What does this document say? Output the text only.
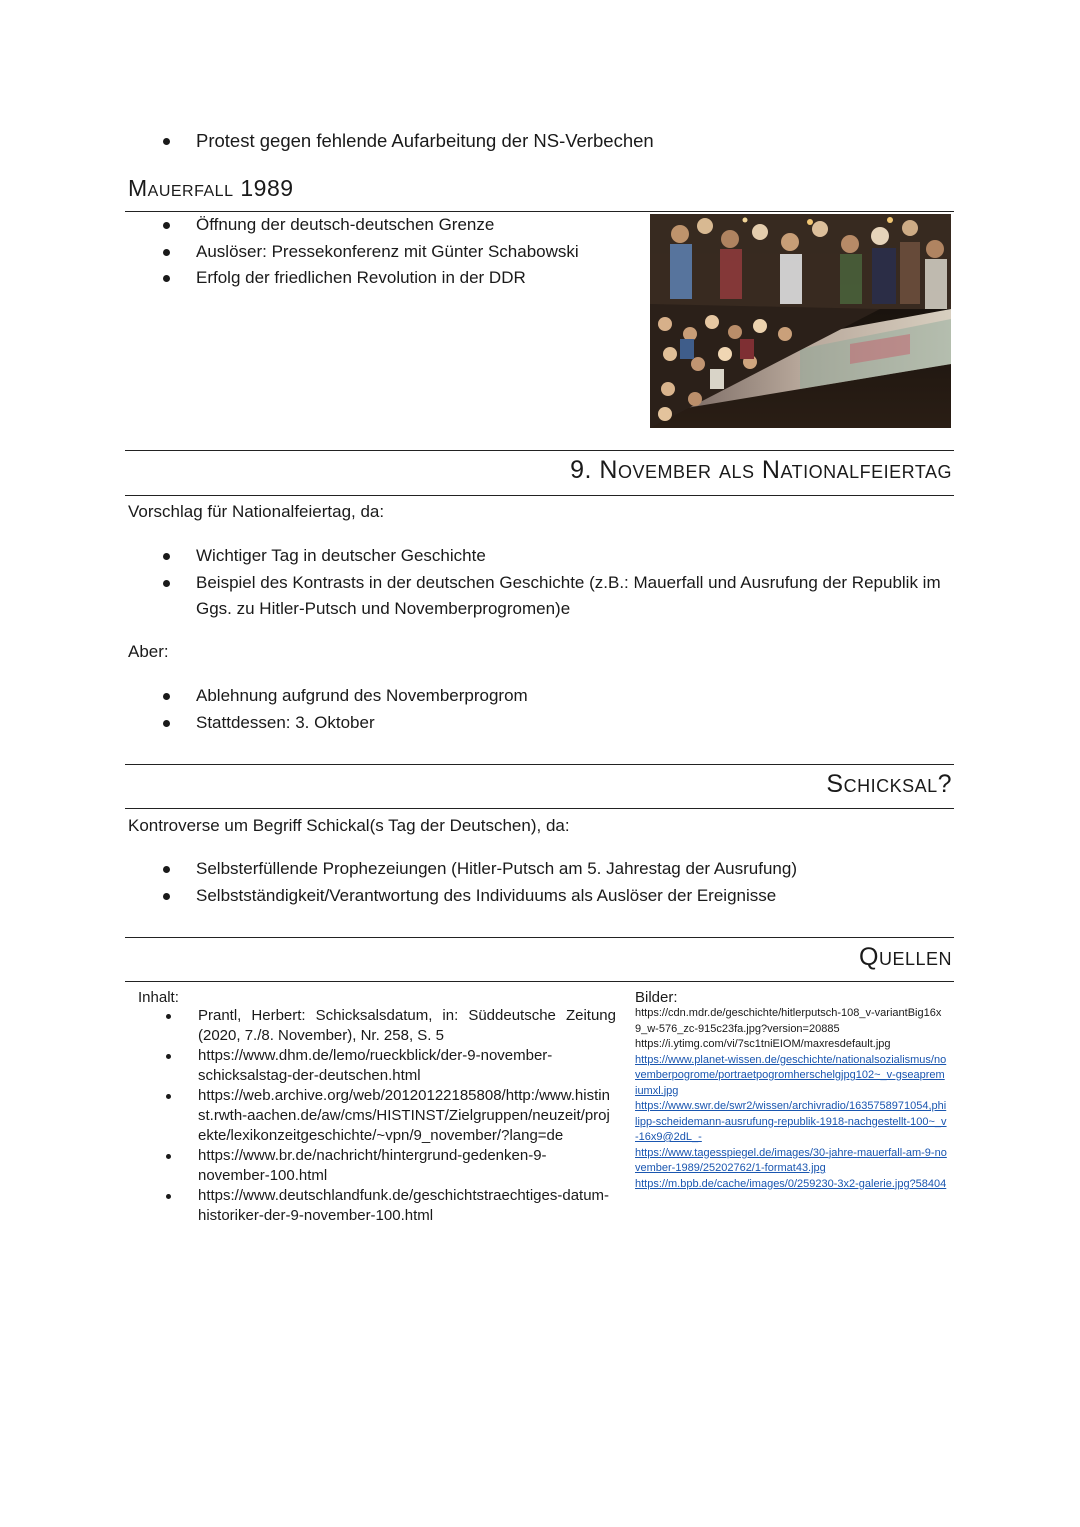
Protest gegen fehlende Aufarbeitung der NS-Verbechen
Mauerfall 1989
Öffnung der deutsch-deutschen Grenze
Auslöser: Pressekonferenz mit Günter Schabowski
Erfolg der friedlichen Revolution in der DDR
9. November als Nationalfeiertag
Vorschlag für Nationalfeiertag, da:
Wichtiger Tag in deutscher Geschichte
Beispiel des Kontrasts in der deutschen Geschichte (z.B.: Mauerfall und Ausrufung der Republik im Ggs. zu Hitler-Putsch und Novemberprogromen)e
Aber:
Ablehnung aufgrund des Novemberprogrom
Stattdessen: 3. Oktober
Schicksal?
Kontroverse um Begriff Schickal(s Tag der Deutschen), da:
Selbsterfüllende Prophezeiungen (Hitler-Putsch am 5. Jahrestag der Ausrufung)
Selbstständigkeit/Verantwortung des Individuums als Auslöser der Ereignisse
Quellen
Inhalt:
Prantl, Herbert: Schicksalsdatum, in: Süddeutsche Zeitung (2020, 7./8. November), Nr. 258, S. 5
https://www.dhm.de/lemo/rueckblick/der-9-november-schicksalstag-der-deutschen.html
https://web.archive.org/web/20120122185808/http:/www.histinst.rwth-aachen.de/aw/cms/HISTINST/Zielgruppen/neuzeit/projekte/lexikonzeitgeschichte/~vpn/9_november/?lang=de
https://www.br.de/nachricht/hintergrund-gedenken-9-november-100.html
https://www.deutschlandfunk.de/geschichtstraechtiges-datum-historiker-der-9-november-100.html
Bilder:
https://cdn.mdr.de/geschichte/hitlerputsch-108_v-variantBig16x9_w-576_zc-915c23fa.jpg?version=20885
https://i.ytimg.com/vi/7sc1tniEIOM/maxresdefault.jpg
https://www.planet-wissen.de/geschichte/nationalsozialismus/novemberpogrome/portraetpogromherschelgjpg102~_v-gseapremiumxl.jpg
https://www.swr.de/swr2/wissen/archivradio/1635758971054,philipp-scheidemann-ausrufung-republik-1918-nachgestellt-100~_v-16x9@2dL_-
https://www.tagesspiegel.de/images/30-jahre-mauerfall-am-9-november-1989/25202762/1-format43.jpg
https://m.bpb.de/cache/images/0/259230-3x2-galerie.jpg?58404
